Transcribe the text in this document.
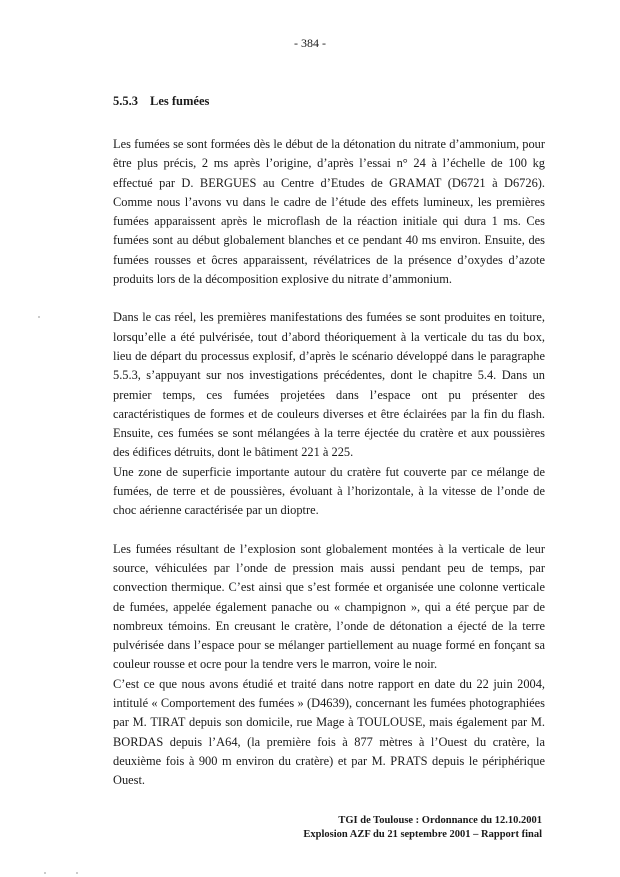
- 384 -
5.5.3 Les fumées

Les fumées se sont formées dès le début de la détonation du nitrate d’ammonium, pour être plus précis, 2 ms après l’origine, d’après l’essai n° 24 à l’échelle de 100 kg effectué par D. BERGUES au Centre d’Etudes de GRAMAT (D6721 à D6726). Comme nous l’avons vu dans le cadre de l’étude des effets lumineux, les premières fumées apparaissent après le microflash de la réaction initiale qui dura 1 ms. Ces fumées sont au début globalement blanches et ce pendant 40 ms environ. Ensuite, des fumées rousses et ôcres apparaissent, révélatrices de la présence d’oxydes d’azote produits lors de la décomposition explosive du nitrate d’ammonium.

Dans le cas réel, les premières manifestations des fumées se sont produites en toiture, lorsqu’elle a été pulvérisée, tout d’abord théoriquement à la verticale du tas du box, lieu de départ du processus explosif, d’après le scénario développé dans le paragraphe 5.5.3, s’appuyant sur nos investigations précédentes, dont le chapitre 5.4. Dans un premier temps, ces fumées projetées dans l’espace ont pu présenter des caractéristiques de formes et de couleurs diverses et être éclairées par la fin du flash. Ensuite, ces fumées se sont mélangées à la terre éjectée du cratère et aux poussières des édifices détruits, dont le bâtiment 221 à 225.

Une zone de superficie importante autour du cratère fut couverte par ce mélange de fumées, de terre et de poussières, évoluant à l’horizontale, à la vitesse de l’onde de choc aérienne caractérisée par un dioptre.

Les fumées résultant de l’explosion sont globalement montées à la verticale de leur source, véhiculées par l’onde de pression mais aussi pendant peu de temps, par convection thermique. C’est ainsi que s’est formée et organisée une colonne verticale de fumées, appelée également panache ou « champignon », qui a été perçue par de nombreux témoins. En creusant le cratère, l’onde de détonation a éjecté de la terre pulvérisée dans l’espace pour se mélanger partiellement au nuage formé en fonçant sa couleur rousse et ocre pour la tendre vers le marron, voire le noir.

C’est ce que nous avons étudié et traité dans notre rapport en date du 22 juin 2004, intitulé « Comportement des fumées » (D4639), concernant les fumées photographiées par M. TIRAT depuis son domicile, rue Mage à TOULOUSE, mais également par M. BORDAS depuis l’A64, (la première fois à 877 mètres à l’Ouest du cratère, la deuxième fois à 900 m environ du cratère) et par M. PRATS depuis le périphérique Ouest.

TGI de Toulouse : Ordonnance du 12.10.2001
Explosion AZF du 21 septembre 2001 – Rapport final
